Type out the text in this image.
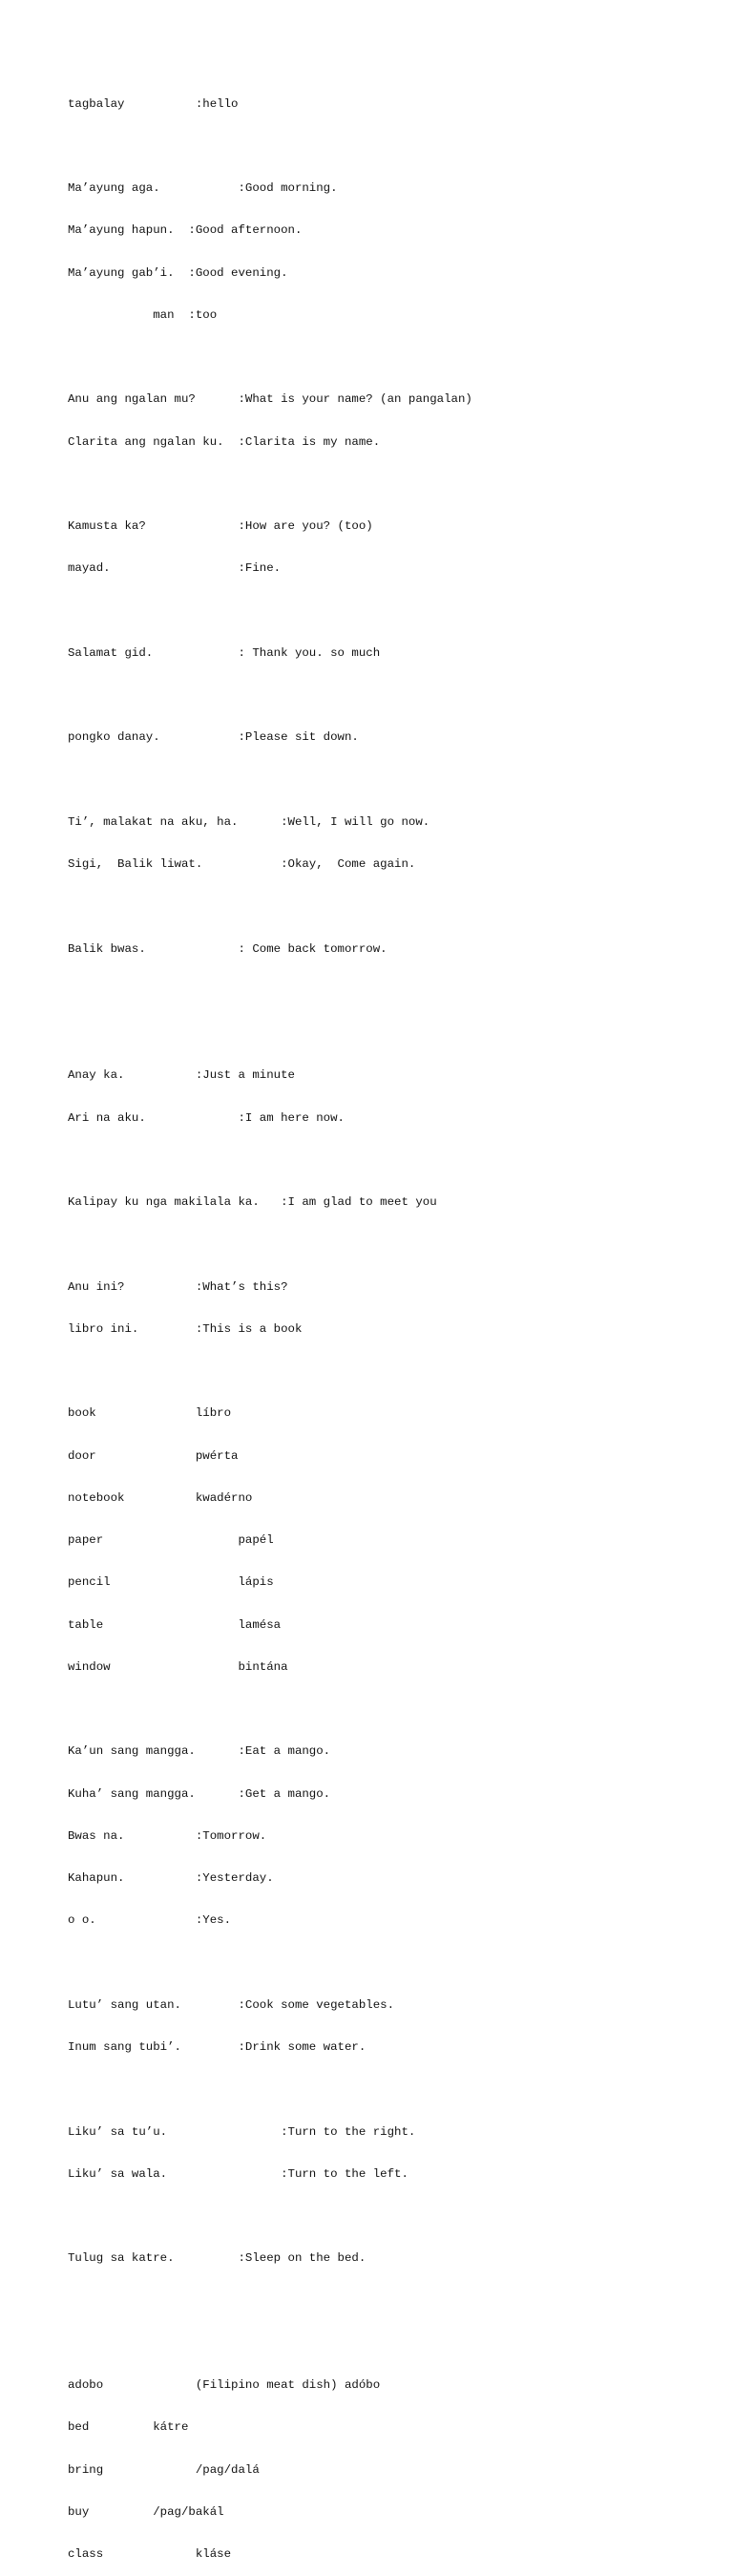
tagbalay          :hello

Ma’ayung aga.           :Good morning.

Ma’ayung hapun.  :Good afternoon.

Ma’ayung gab’i.  :Good evening.

man  :too

Anu ang ngalan mu?      :What is your name? (an pangalan)

Clarita ang ngalan ku.  :Clarita is my name.

Kamusta ka?             :How are you? (too)

mayad.                  :Fine.

Salamat gid.            : Thank you. so much

pongko danay.           :Please sit down.

Ti’, malakat na aku, ha.      :Well, I will go now.

Sigi,  Balik liwat.           :Okay,  Come again.

Balik bwas.             : Come back tomorrow.

Anay ka.          :Just a minute

Ari na aku.             :I am here now.

Kalipay ku nga makilala ka.   :I am glad to meet you

Anu ini?          :What’s this?

libro ini.        :This is a book

book              líbro

door              pwérta

notebook          kwadérno

paper                   papél

pencil                  lápis

table                   lamésa

window                  bintána

Ka’un sang mangga.      :Eat a mango.

Kuha’ sang mangga.      :Get a mango.

Bwas na.          :Tomorrow.

Kahapun.          :Yesterday.

o o.              :Yes.

Lutu’ sang utan.        :Cook some vegetables.

Inum sang tubi’.        :Drink some water.

Liku’ sa tu’u.                :Turn to the right.

Liku’ sa wala.                :Turn to the left.

Tulug sa katre.         :Sleep on the bed.

adobo             (Filipino meat dish) adóbo

bed         kátre

bring             /pag/dalá

buy         /pag/bakál

class             kláse
